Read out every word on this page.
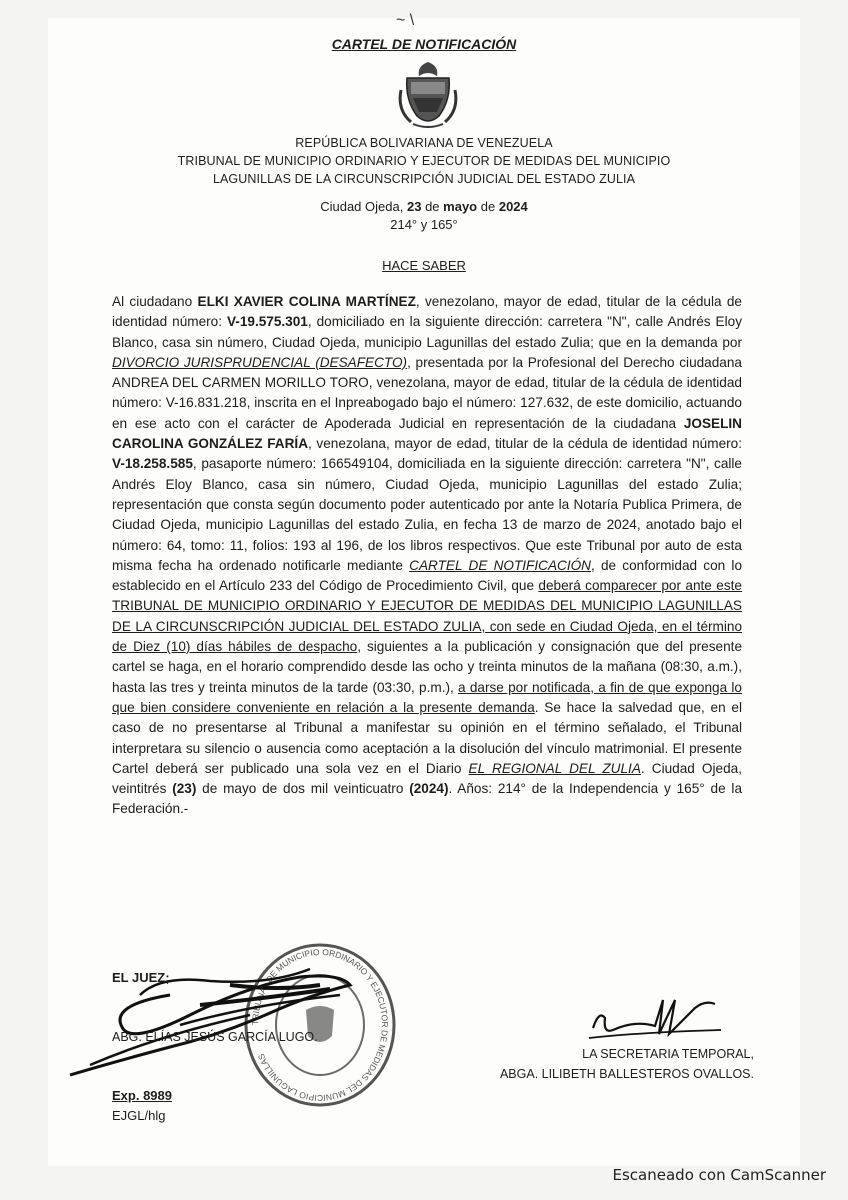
~ \
CARTEL DE NOTIFICACIÓN
REPÚBLICA BOLIVARIANA DE VENEZUELA
TRIBUNAL DE MUNICIPIO ORDINARIO Y EJECUTOR DE MEDIDAS DEL MUNICIPIO
LAGUNILLAS DE LA CIRCUNSCRIPCIÓN JUDICIAL DEL ESTADO ZULIA
Ciudad Ojeda, 23 de mayo de 2024
214° y 165°
HACE SABER

Al ciudadano ELKI XAVIER COLINA MARTÍNEZ, venezolano, mayor de edad, titular de la cédula de identidad número: V-19.575.301, domiciliado en la siguiente dirección: carretera "N", calle Andrés Eloy Blanco, casa sin número, Ciudad Ojeda, municipio Lagunillas del estado Zulia; que en la demanda por DIVORCIO JURISPRUDENCIAL (DESAFECTO), presentada por la Profesional del Derecho ciudadana ANDREA DEL CARMEN MORILLO TORO, venezolana, mayor de edad, titular de la cédula de identidad número: V-16.831.218, inscrita en el Inpreabogado bajo el número: 127.632, de este domicilio, actuando en ese acto con el carácter de Apoderada Judicial en representación de la ciudadana JOSELIN CAROLINA GONZÁLEZ FARÍA, venezolana, mayor de edad, titular de la cédula de identidad número: V-18.258.585, pasaporte número: 166549104, domiciliada en la siguiente dirección: carretera "N", calle Andrés Eloy Blanco, casa sin número, Ciudad Ojeda, municipio Lagunillas del estado Zulia; representación que consta según documento poder autenticado por ante la Notaría Publica Primera, de Ciudad Ojeda, municipio Lagunillas del estado Zulia, en fecha 13 de marzo de 2024, anotado bajo el número: 64, tomo: 11, folios: 193 al 196, de los libros respectivos. Que este Tribunal por auto de esta misma fecha ha ordenado notificarle mediante CARTEL DE NOTIFICACIÓN, de conformidad con lo establecido en el Artículo 233 del Código de Procedimiento Civil, que deberá comparecer por ante este TRIBUNAL DE MUNICIPIO ORDINARIO Y EJECUTOR DE MEDIDAS DEL MUNICIPIO LAGUNILLAS DE LA CIRCUNSCRIPCIÓN JUDICIAL DEL ESTADO ZULIA, con sede en Ciudad Ojeda, en el término de Diez (10) días hábiles de despacho, siguientes a la publicación y consignación que del presente cartel se haga, en el horario comprendido desde las ocho y treinta minutos de la mañana (08:30, a.m.), hasta las tres y treinta minutos de la tarde (03:30, p.m.), a darse por notificada, a fin de que exponga lo que bien considere conveniente en relación a la presente demanda. Se hace la salvedad que, en el caso de no presentarse al Tribunal a manifestar su opinión en el término señalado, el Tribunal interpretara su silencio o ausencia como aceptación a la disolución del vínculo matrimonial. El presente Cartel deberá ser publicado una sola vez en el Diario EL REGIONAL DEL ZULIA. Ciudad Ojeda, veintitrés (23) de mayo de dos mil veinticuatro (2024). Años: 214° de la Independencia y 165° de la Federación.-

TRIBUNAL DE MUNICIPIO ORDINARIO Y EJECUTOR DE MEDIDAS DEL MUNICIPIO LAGUNILLAS
EL JUEZ;
ABG. ELÍAS JESÚS GARCÍA LUGO.
LA SECRETARIA TEMPORAL,
ABGA. LILIBETH BALLESTEROS OVALLOS.
Exp. 8989
EJGL/hlg
Escaneado con CamScanner
